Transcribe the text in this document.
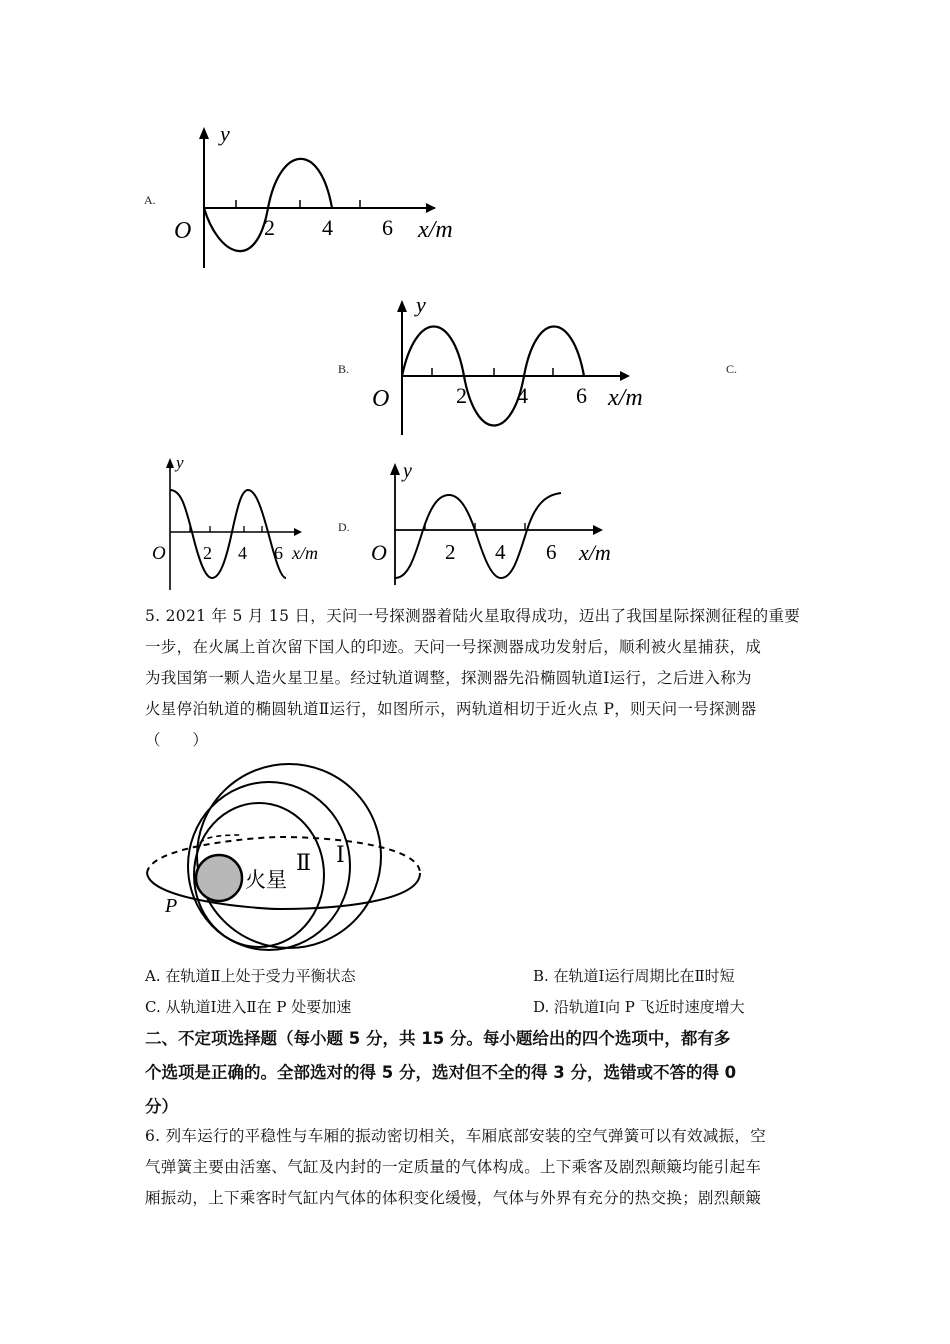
A.
y
O	2 4 6 x/m
B.
y
O	2 4 6 x/m
C.
y
O 2 4 6 x/m
D.
y
O	2 4 6 x/m

5. 2021 年 5 月 15 日，天问一号探测器着陆火星取得成功，迈出了我国星际探测征程的重要

一步，在火属上首次留下国人的印迹。天问一号探测器成功发射后，顺利被火星捕获，成

为我国第一颗人造火星卫星。经过轨道调整，探测器先沿椭圆轨道Ⅰ运行，之后进入称为

火星停泊轨道的椭圆轨道Ⅱ运行，如图所示，两轨道相切于近火点 P，则天问一号探测器

（　　）

火星
Ⅱ Ⅰ
P
A. 在轨道Ⅱ上处于受力平衡状态	B. 在轨道Ⅰ运行周期比在Ⅱ时短
C. 从轨道Ⅰ进入Ⅱ在 P 处要加速	D. 沿轨道Ⅰ向 P 飞近时速度增大
二、不定项选择题（每小题 5 分，共 15 分。每小题给出的四个选项中，都有多
个选项是正确的。全部选对的得 5 分，选对但不全的得 3 分，选错或不答的得 0
分）

6. 列车运行的平稳性与车厢的振动密切相关，车厢底部安装的空气弹簧可以有效减振，空

气弹簧主要由活塞、气缸及内封的一定质量的气体构成。上下乘客及剧烈颠簸均能引起车

厢振动，上下乘客时气缸内气体的体积变化缓慢，气体与外界有充分的热交换；剧烈颠簸
